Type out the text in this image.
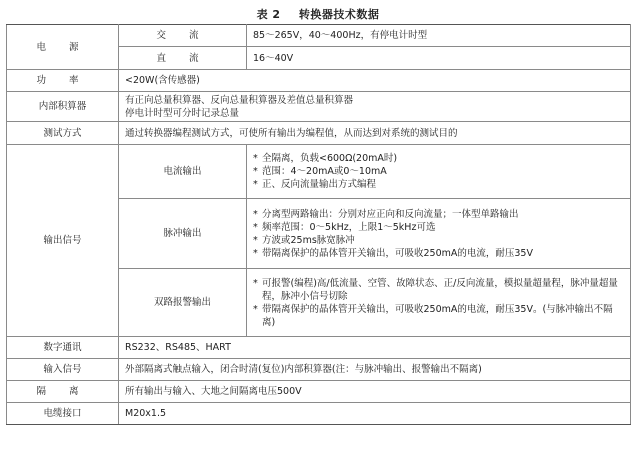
表 2 转换器技术数据
电 源	交 流	85～265V，40～400Hz，有停电计时型
	直 流	16～40V
功 率	<20W(含传感器)	
内部积算器	有正向总量积算器、反向总量积算器及差值总量积算器
停电计时型可分时记录总量	

测试方式	通过转换器编程测试方式，可使所有输出为编程值，从而达到对系统的测试目的	
输出信号	电流输出	* 全隔离，负载<600Ω(20mA时)
* 范围：4～20mA或0～10mA
* 正、反向流量输出方式编程

	脉冲输出	* 分离型两路输出：分别对应正向和反向流量；一体型单路输出
* 频率范围：0～5kHz，上限1～5kHz可选
* 方波或25ms脉宽脉冲
* 带隔离保护的晶体管开关输出，可吸收250mA的电流，耐压35V

	双路报警输出	* 可报警(编程)高/低流量、空管、故障状态、正/反向流量，模拟量超量程，脉冲量超量程，脉冲小信号切除
* 带隔离保护的晶体管开关输出，可吸收250mA的电流，耐压35V。(与脉冲输出不隔离)

数字通讯	RS232、RS485、HART	
输入信号	外部隔离式触点输入，闭合时清(复位)内部积算器(注：与脉冲输出、报警输出不隔离)	
隔 离	所有输出与输入、大地之间隔离电压500V	
电缆接口	M20x1.5	
